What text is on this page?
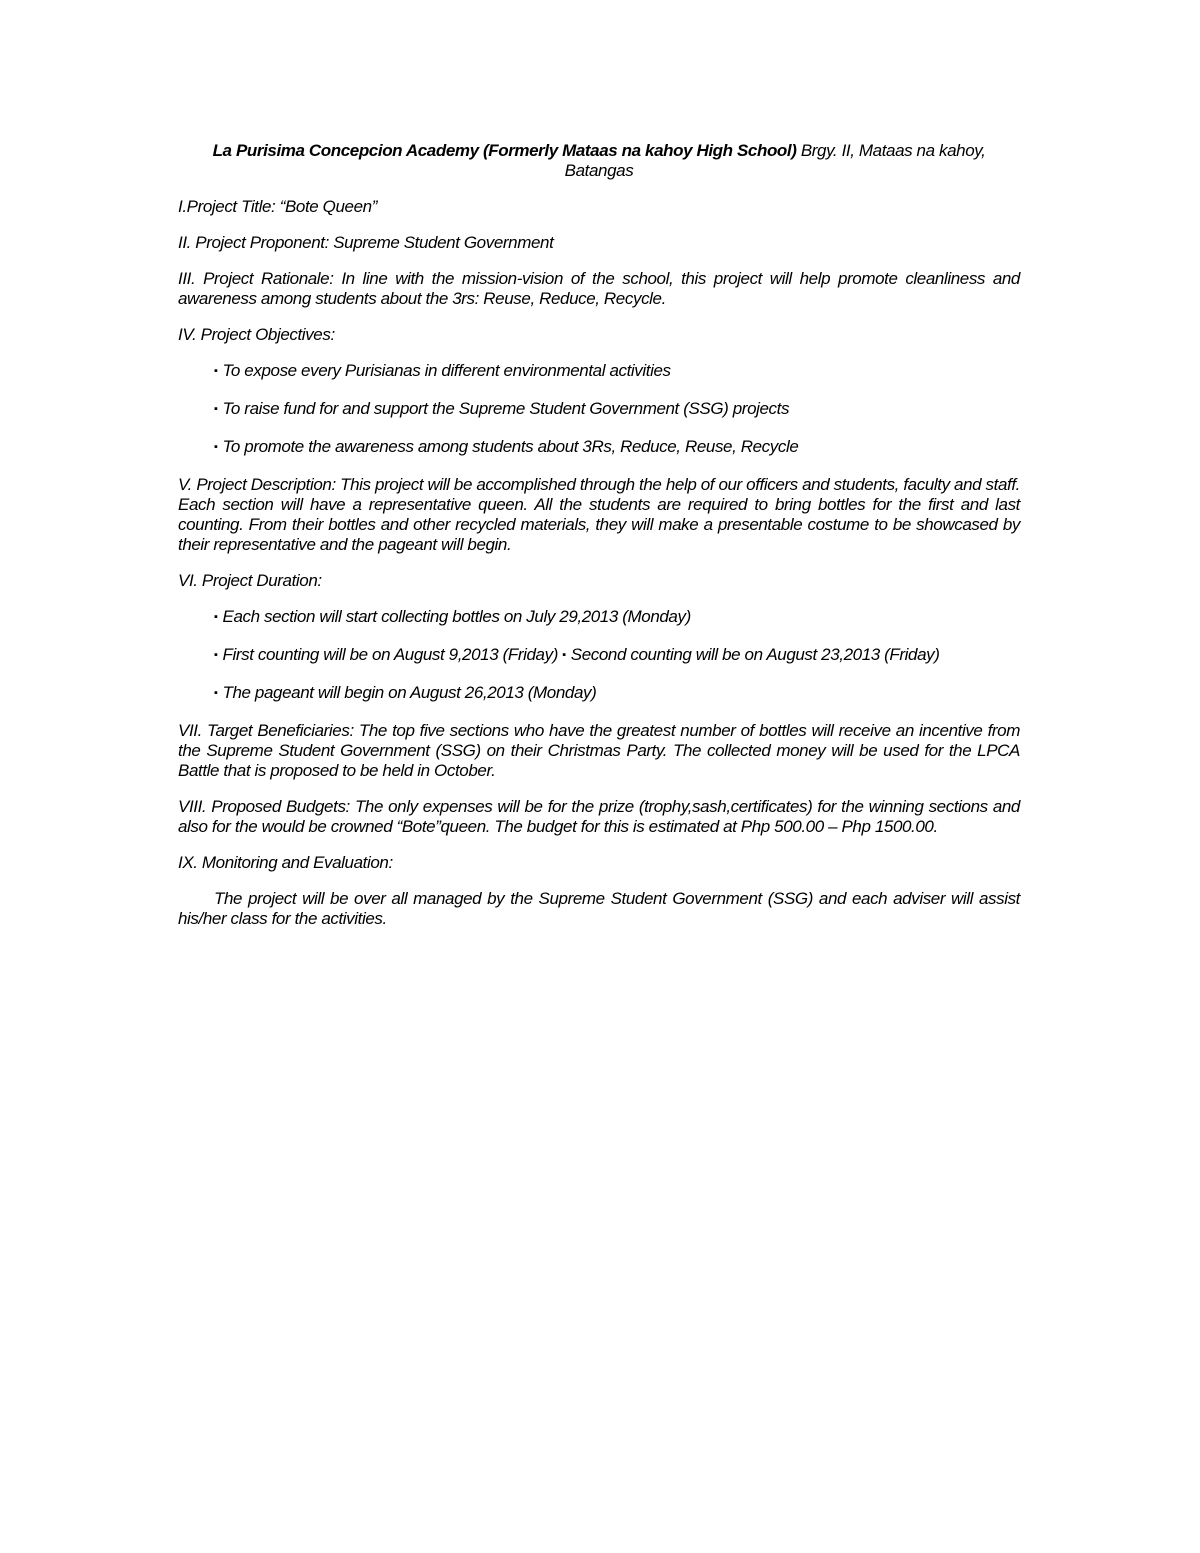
La Purisima Concepcion Academy (Formerly Mataas na kahoy High School) Brgy. II, Mataas na kahoy, Batangas

I.Project Title: “Bote Queen”

II. Project Proponent: Supreme Student Government

III. Project Rationale: In line with the mission-vision of the school, this project will help promote cleanliness and awareness among students about the 3rs: Reuse, Reduce, Recycle.

IV. Project Objectives:

▪ To expose every Purisianas in different environmental activities

▪ To raise fund for and support the Supreme Student Government (SSG) projects

▪ To promote the awareness among students about 3Rs, Reduce, Reuse, Recycle

V. Project Description: This project will be accomplished through the help of our officers and students, faculty and staff. Each section will have a representative queen. All the students are required to bring bottles for the first and last counting. From their bottles and other recycled materials, they will make a presentable costume to be showcased by their representative and the pageant will begin.

VI. Project Duration:

▪ Each section will start collecting bottles on July 29,2013 (Monday)

▪ First counting will be on August 9,2013 (Friday) ▪ Second counting will be on August 23,2013 (Friday)

▪ The pageant will begin on August 26,2013 (Monday)

VII. Target Beneficiaries: The top five sections who have the greatest number of bottles will receive an incentive from the Supreme Student Government (SSG) on their Christmas Party. The collected money will be used for the LPCA Battle that is proposed to be held in October.

VIII. Proposed Budgets: The only expenses will be for the prize (trophy,sash,certificates) for the winning sections and also for the would be crowned “Bote”queen. The budget for this is estimated at Php 500.00 – Php 1500.00.

IX. Monitoring and Evaluation:

The project will be over all managed by the Supreme Student Government (SSG) and each adviser will assist his/her class for the activities.
